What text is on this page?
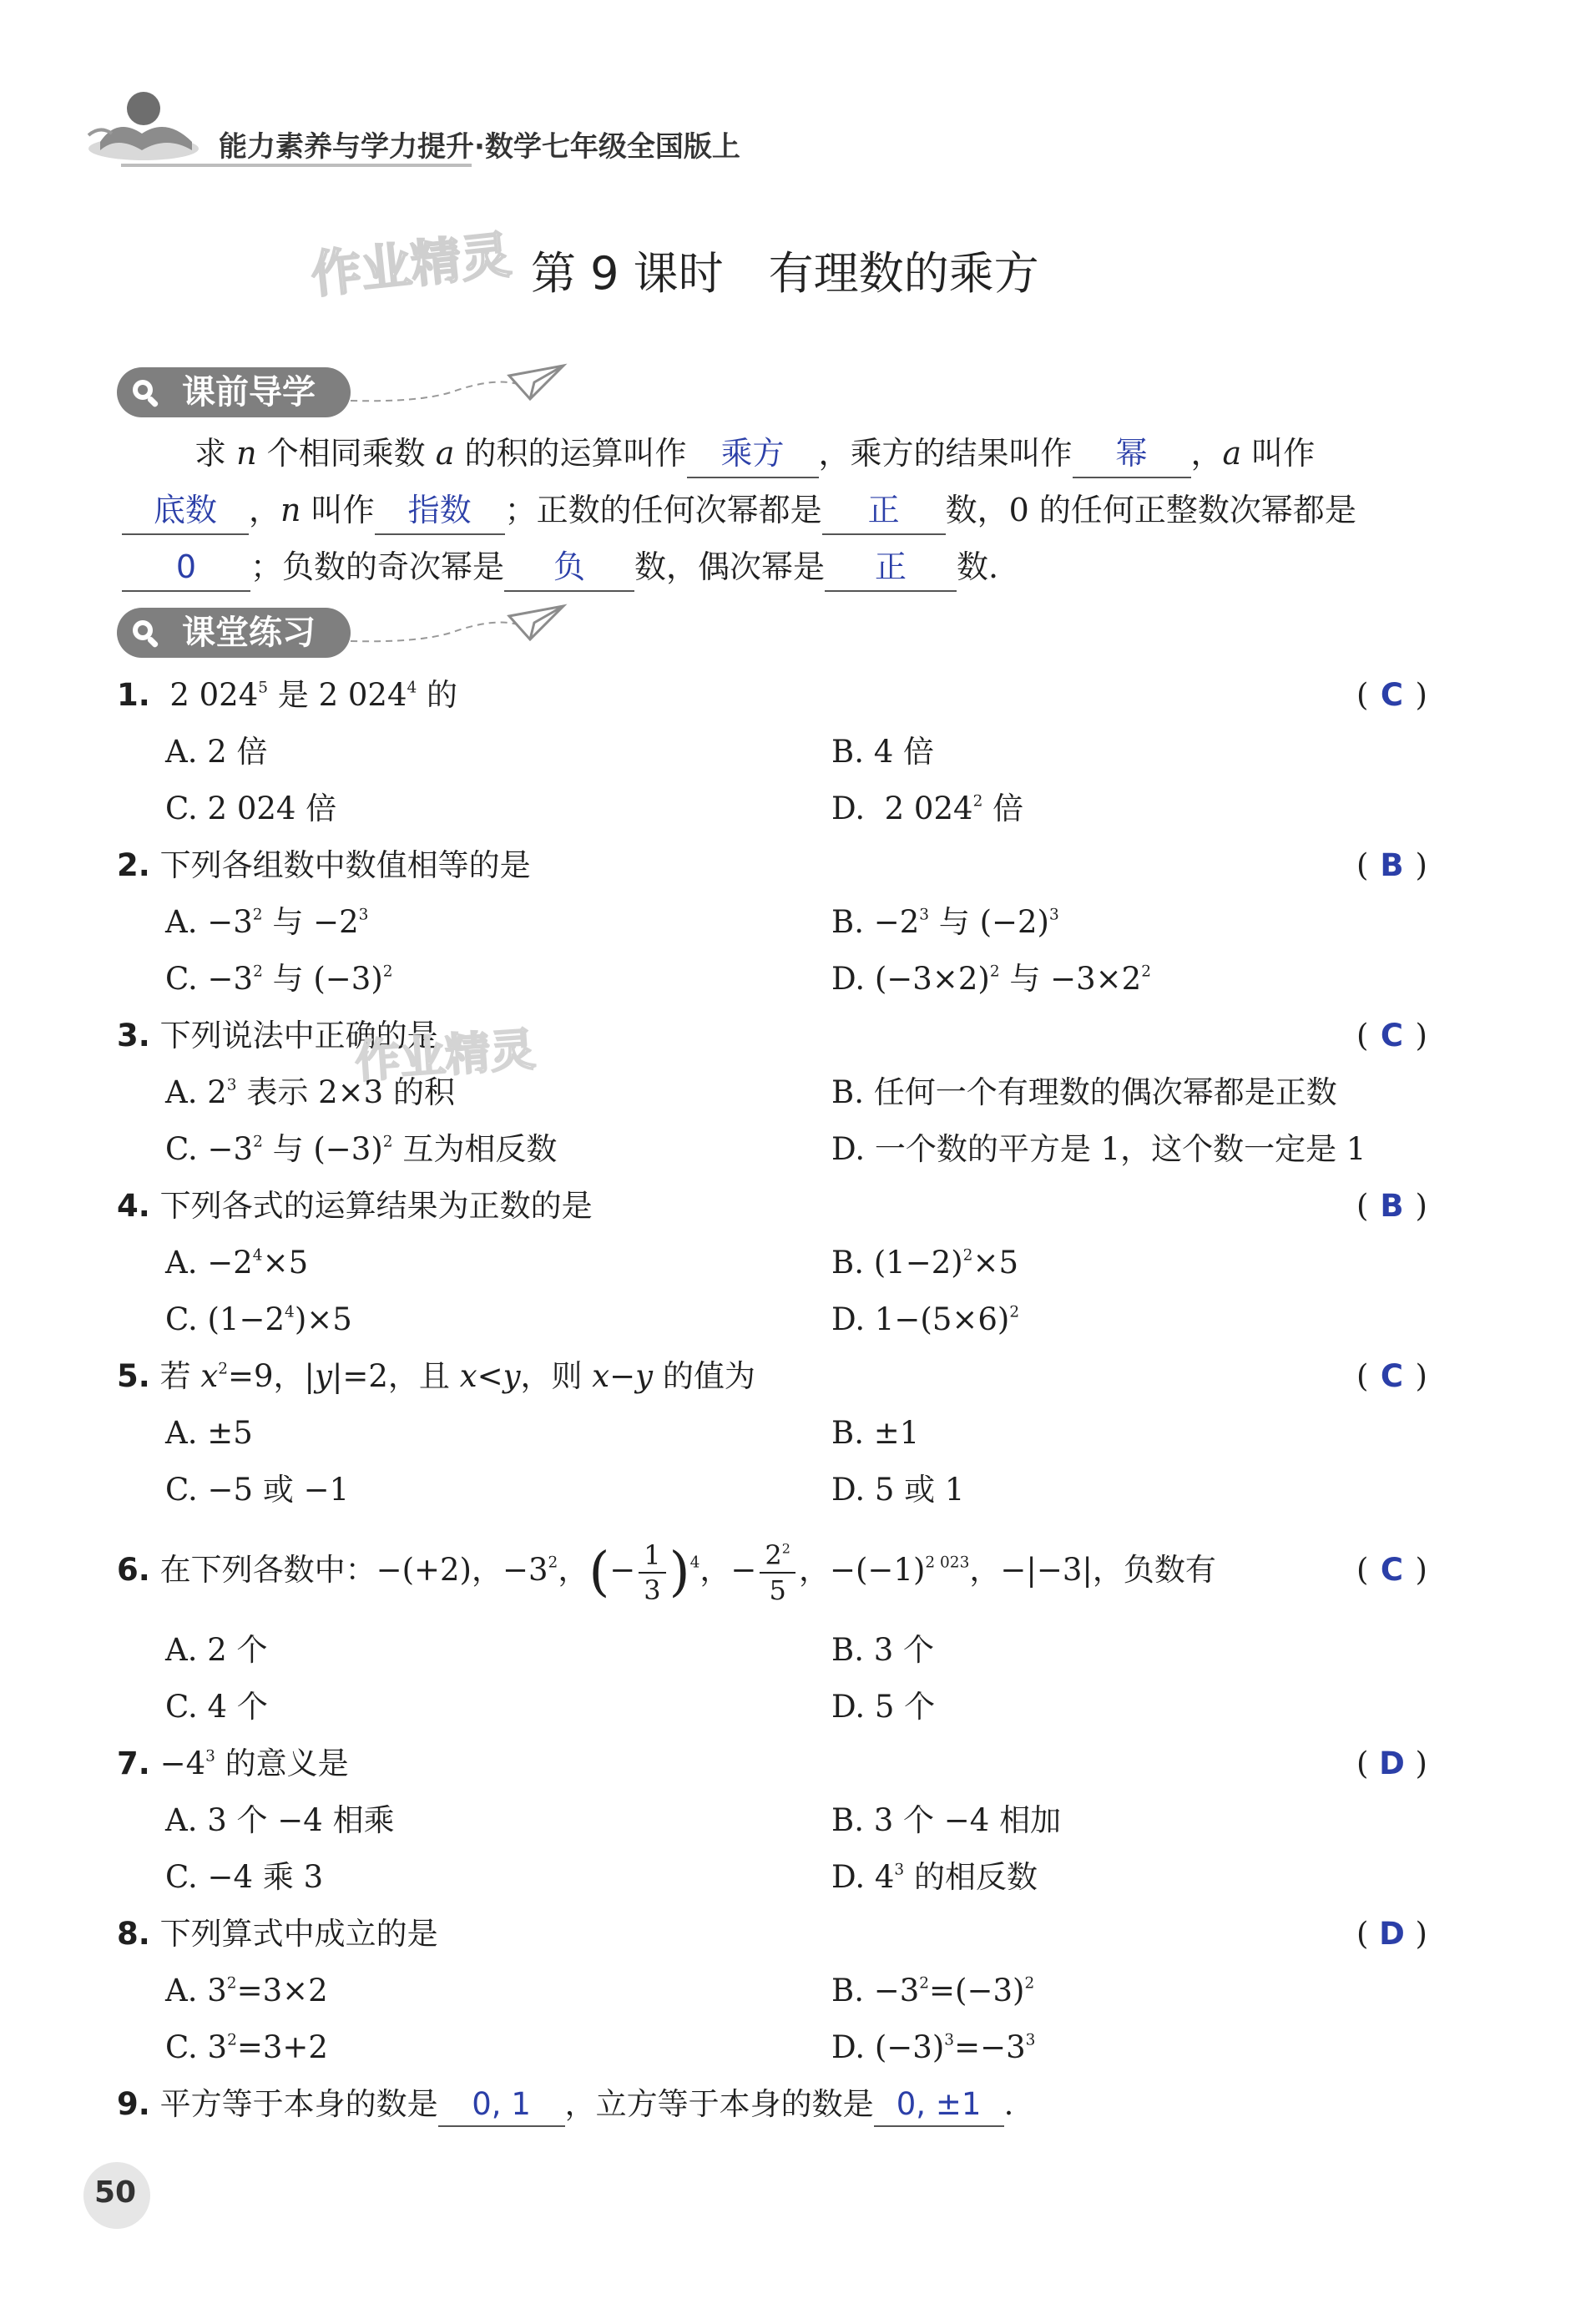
能力素养与学力提升·数学七年级全国版上
作业精灵 第 9 课时　有理数的乘方
课前导学
求 n 个相同乘数 a 的积的运算叫作 乘方 ，乘方的结果叫作 幂 ，a 叫作
底数 ，n 叫作 指数 ；正数的任何次幂都是 正 数，0 的任何正整数次幂都是
0 ；负数的奇次幂是 负 数，偶次幂是 正 数.
课堂练习
1.  2 $024^5$ 是 2 $024^4$ 的	( C )
A. 2 倍	B. 4 倍
C. 2 024 倍	D.  2 $024^2$ 倍
2. 下列各组数中数值相等的是	( B )
A. $-3^2$ 与 $-2^3$	B. $-2^3$ 与 $(-2)^3$
C. $-3^2$ 与 $(-3)^2$	D. $(-3\times 2)^2$ 与 $-3\times 2^2$
3. 下列说法中正确的是
作业精灵	( C )
A. $2^3$ 表示 2×3 的积	B. 任何一个有理数的偶次幂都是正数
C. $-3^2$ 与 $(-3)^2$ 互为相反数	D. 一个数的平方是 1，这个数一定是 1
4. 下列各式的运算结果为正数的是	( B )
A. $-2^4\times 5$	B. $(1-2)^2\times 5$
C. $(1-2^4)\times 5$	D. $1-(5\times 6)^2$
5. 若 $x^2=9$，|y|=2，且 x<y，则 x−y 的值为	( C )
A. ±5	B. ±1
C. −5 或 −1	D. 5 或 1
6. 在下列各数中：−(+2)，$-3^2$，(− $\frac{1}{3} )^4$，− $\frac{2^2}{5}$ ，$-(-1)^{2 023}$，−|−3|，负数有	( C )
A. 2 个	B. 3 个
C. 4 个	D. 5 个
7. $-4^3$ 的意义是	( D )
A. 3 个 −4 相乘	B. 3 个 −4 相加
C. −4 乘 3	D. $4^3$ 的相反数
8. 下列算式中成立的是	( D )
A. $3^2=3\times 2$	B. $-3^2=(-3)^2$
C. $3^2=3+2$	D. $(-3)^3=-3^3$
9. 平方等于本身的数是 0, 1 ，立方等于本身的数是 0, ±1 .
50
